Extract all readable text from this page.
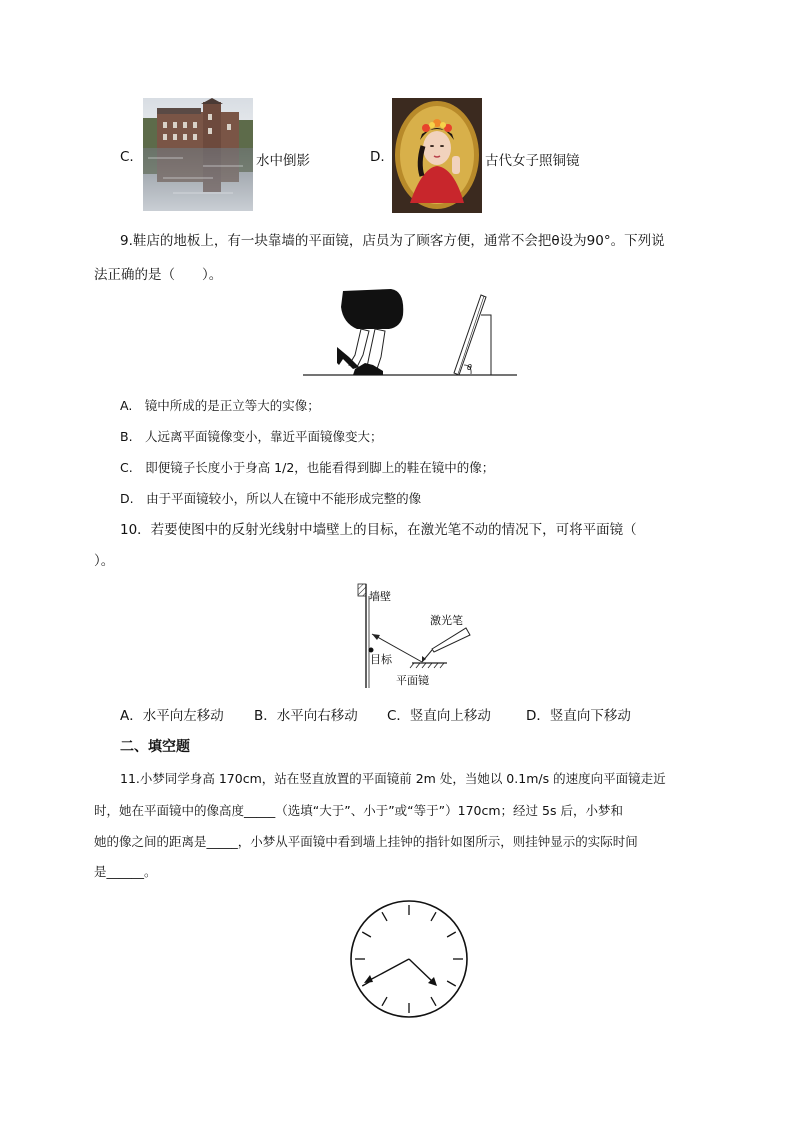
C.	水中倒影	D.	古代女子照铜镜
9.鞋店的地板上，有一块靠墙的平面镜，店员为了顾客方便，通常不会把θ设为90°。下列说
法正确的是（　　）。
θ
A.　镜中所成的是正立等大的实像；
B.　人远离平面镜像变小，靠近平面镜像变大；
C.　即便镜子长度小于身高 1/2，也能看得到脚上的鞋在镜中的像；
D.　由于平面镜较小，所以人在镜中不能形成完整的像
10．若要使图中的反射光线射中墙壁上的目标，在激光笔不动的情况下，可将平面镜（
）。
墙壁
目标
平面镜
激光笔
A．水平向左移动 B．水平向右移动 C．竖直向上移动	D．竖直向下移动
二、填空题
11.小梦同学身高 170cm，站在竖直放置的平面镜前 2m 处，当她以 0.1m/s 的速度向平面镜走近
时，她在平面镜中的像高度_____（选填“大于”、小于”或“等于”）170cm；经过 5s 后，小梦和
她的像之间的距离是_____，小梦从平面镜中看到墙上挂钟的指针如图所示，则挂钟显示的实际时间
是______。
